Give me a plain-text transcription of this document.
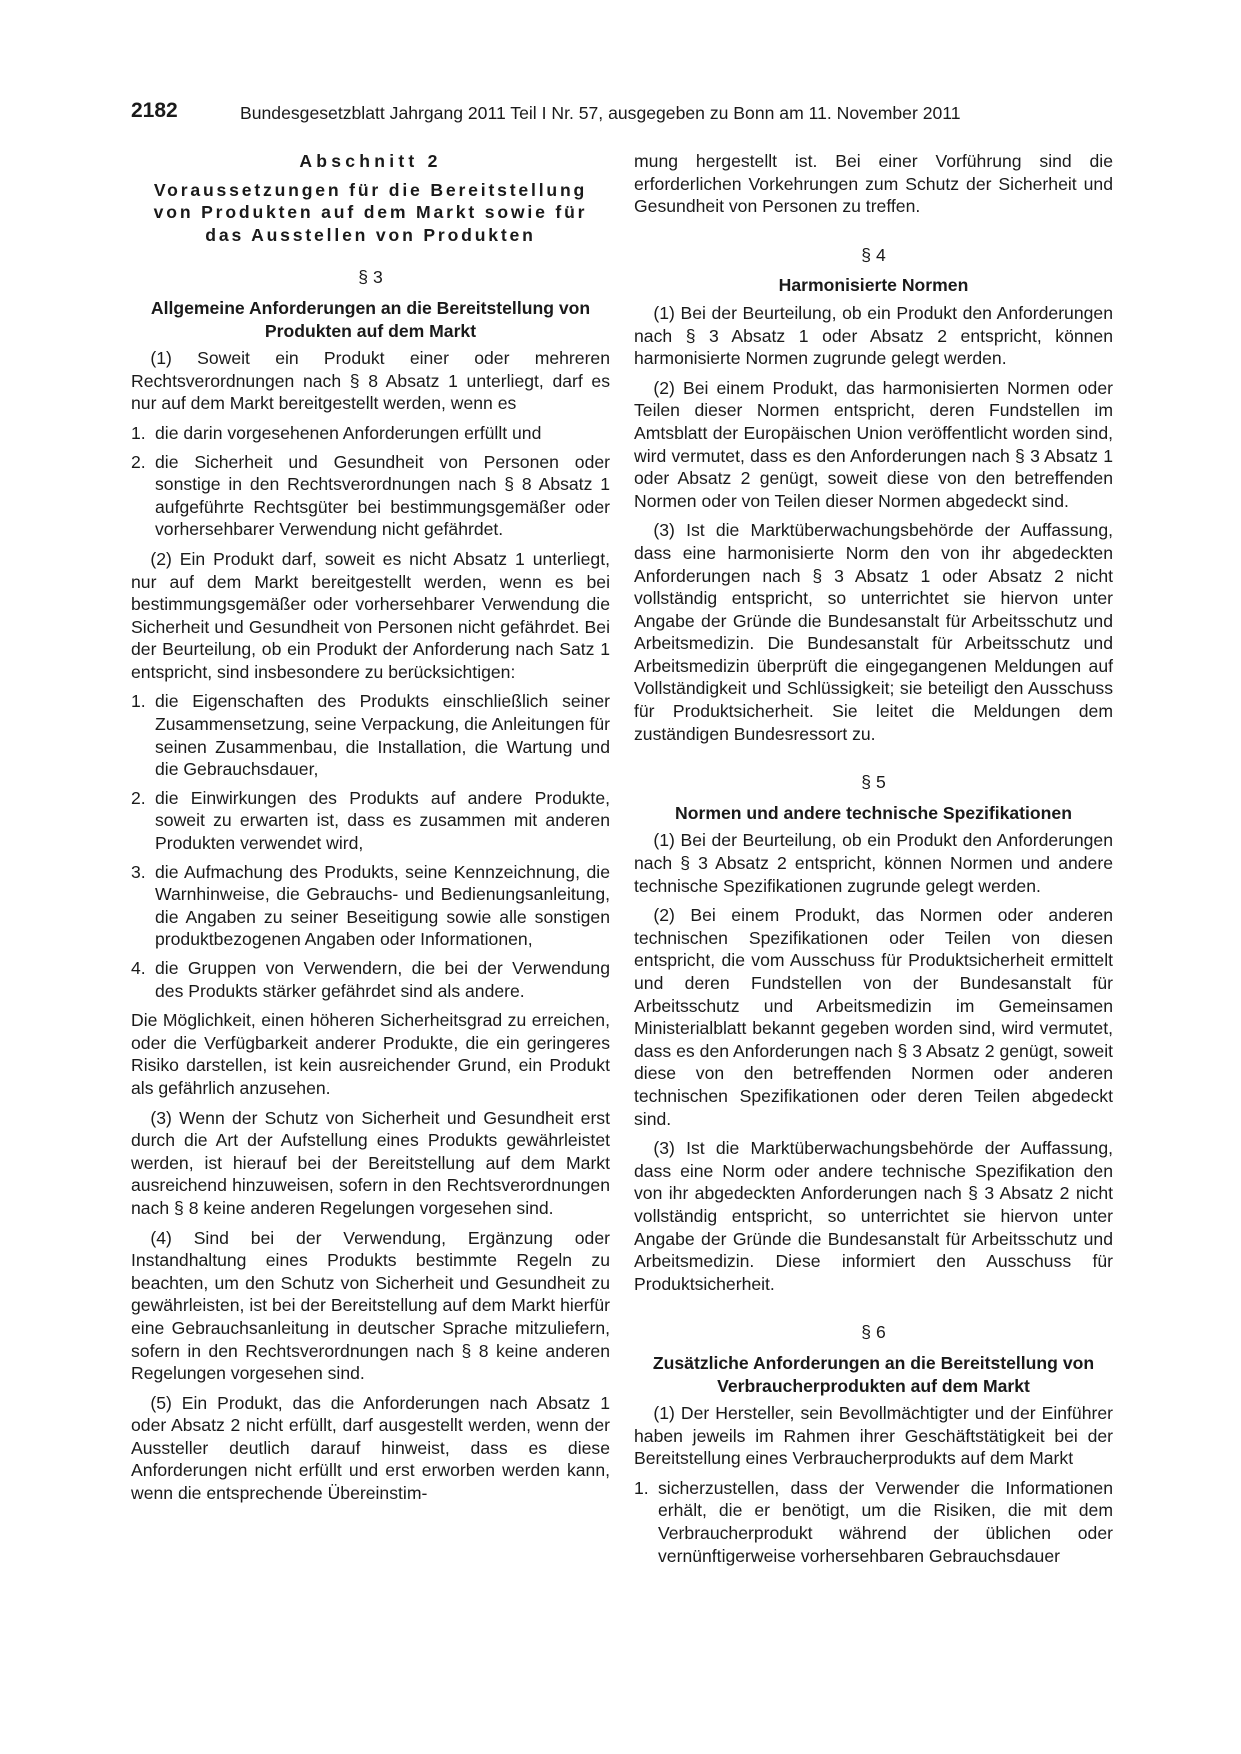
2182	Bundesgesetzblatt Jahrgang 2011 Teil I Nr. 57, ausgegeben zu Bonn am 11. November 2011
Abschnitt 2
Voraussetzungen für die Bereitstellung von Produkten auf dem Markt sowie für das Ausstellen von Produkten
§ 3
Allgemeine Anforderungen an die Bereitstellung von Produkten auf dem Markt

(1) Soweit ein Produkt einer oder mehreren Rechtsverordnungen nach § 8 Absatz 1 unterliegt, darf es nur auf dem Markt bereitgestellt werden, wenn es

1. die darin vorgesehenen Anforderungen erfüllt und
2. die Sicherheit und Gesundheit von Personen oder sonstige in den Rechtsverordnungen nach § 8 Absatz 1 aufgeführte Rechtsgüter bei bestimmungsgemäßer oder vorhersehbarer Verwendung nicht gefährdet.

(2) Ein Produkt darf, soweit es nicht Absatz 1 unterliegt, nur auf dem Markt bereitgestellt werden, wenn es bei bestimmungsgemäßer oder vorhersehbarer Verwendung die Sicherheit und Gesundheit von Personen nicht gefährdet. Bei der Beurteilung, ob ein Produkt der Anforderung nach Satz 1 entspricht, sind insbesondere zu berücksichtigen:

1. die Eigenschaften des Produkts einschließlich seiner Zusammensetzung, seine Verpackung, die Anleitungen für seinen Zusammenbau, die Installation, die Wartung und die Gebrauchsdauer,
2. die Einwirkungen des Produkts auf andere Produkte, soweit zu erwarten ist, dass es zusammen mit anderen Produkten verwendet wird,
3. die Aufmachung des Produkts, seine Kennzeichnung, die Warnhinweise, die Gebrauchs- und Bedienungsanleitung, die Angaben zu seiner Beseitigung sowie alle sonstigen produktbezogenen Angaben oder Informationen,
4. die Gruppen von Verwendern, die bei der Verwendung des Produkts stärker gefährdet sind als andere.

Die Möglichkeit, einen höheren Sicherheitsgrad zu erreichen, oder die Verfügbarkeit anderer Produkte, die ein geringeres Risiko darstellen, ist kein ausreichender Grund, ein Produkt als gefährlich anzusehen.

(3) Wenn der Schutz von Sicherheit und Gesundheit erst durch die Art der Aufstellung eines Produkts gewährleistet werden, ist hierauf bei der Bereitstellung auf dem Markt ausreichend hinzuweisen, sofern in den Rechtsverordnungen nach § 8 keine anderen Regelungen vorgesehen sind.

(4) Sind bei der Verwendung, Ergänzung oder Instandhaltung eines Produkts bestimmte Regeln zu beachten, um den Schutz von Sicherheit und Gesundheit zu gewährleisten, ist bei der Bereitstellung auf dem Markt hierfür eine Gebrauchsanleitung in deutscher Sprache mitzuliefern, sofern in den Rechtsverordnungen nach § 8 keine anderen Regelungen vorgesehen sind.

(5) Ein Produkt, das die Anforderungen nach Absatz 1 oder Absatz 2 nicht erfüllt, darf ausgestellt werden, wenn der Aussteller deutlich darauf hinweist, dass es diese Anforderungen nicht erfüllt und erst erworben werden kann, wenn die entsprechende Übereinstim-

mung hergestellt ist. Bei einer Vorführung sind die erforderlichen Vorkehrungen zum Schutz der Sicherheit und Gesundheit von Personen zu treffen.

§ 4
Harmonisierte Normen

(1) Bei der Beurteilung, ob ein Produkt den Anforderungen nach § 3 Absatz 1 oder Absatz 2 entspricht, können harmonisierte Normen zugrunde gelegt werden.

(2) Bei einem Produkt, das harmonisierten Normen oder Teilen dieser Normen entspricht, deren Fundstellen im Amtsblatt der Europäischen Union veröffentlicht worden sind, wird vermutet, dass es den Anforderungen nach § 3 Absatz 1 oder Absatz 2 genügt, soweit diese von den betreffenden Normen oder von Teilen dieser Normen abgedeckt sind.

(3) Ist die Marktüberwachungsbehörde der Auffassung, dass eine harmonisierte Norm den von ihr abgedeckten Anforderungen nach § 3 Absatz 1 oder Absatz 2 nicht vollständig entspricht, so unterrichtet sie hiervon unter Angabe der Gründe die Bundesanstalt für Arbeitsschutz und Arbeitsmedizin. Die Bundesanstalt für Arbeitsschutz und Arbeitsmedizin überprüft die eingegangenen Meldungen auf Vollständigkeit und Schlüssigkeit; sie beteiligt den Ausschuss für Produktsicherheit. Sie leitet die Meldungen dem zuständigen Bundesressort zu.

§ 5
Normen und andere technische Spezifikationen

(1) Bei der Beurteilung, ob ein Produkt den Anforderungen nach § 3 Absatz 2 entspricht, können Normen und andere technische Spezifikationen zugrunde gelegt werden.

(2) Bei einem Produkt, das Normen oder anderen technischen Spezifikationen oder Teilen von diesen entspricht, die vom Ausschuss für Produktsicherheit ermittelt und deren Fundstellen von der Bundesanstalt für Arbeitsschutz und Arbeitsmedizin im Gemeinsamen Ministerialblatt bekannt gegeben worden sind, wird vermutet, dass es den Anforderungen nach § 3 Absatz 2 genügt, soweit diese von den betreffenden Normen oder anderen technischen Spezifikationen oder deren Teilen abgedeckt sind.

(3) Ist die Marktüberwachungsbehörde der Auffassung, dass eine Norm oder andere technische Spezifikation den von ihr abgedeckten Anforderungen nach § 3 Absatz 2 nicht vollständig entspricht, so unterrichtet sie hiervon unter Angabe der Gründe die Bundesanstalt für Arbeitsschutz und Arbeitsmedizin. Diese informiert den Ausschuss für Produktsicherheit.

§ 6
Zusätzliche Anforderungen an die Bereitstellung von Verbraucherprodukten auf dem Markt

(1) Der Hersteller, sein Bevollmächtigter und der Einführer haben jeweils im Rahmen ihrer Geschäftstätigkeit bei der Bereitstellung eines Verbraucherprodukts auf dem Markt

1. sicherzustellen, dass der Verwender die Informationen erhält, die er benötigt, um die Risiken, die mit dem Verbraucherprodukt während der üblichen oder vernünftigerweise vorhersehbaren Gebrauchsdauer
